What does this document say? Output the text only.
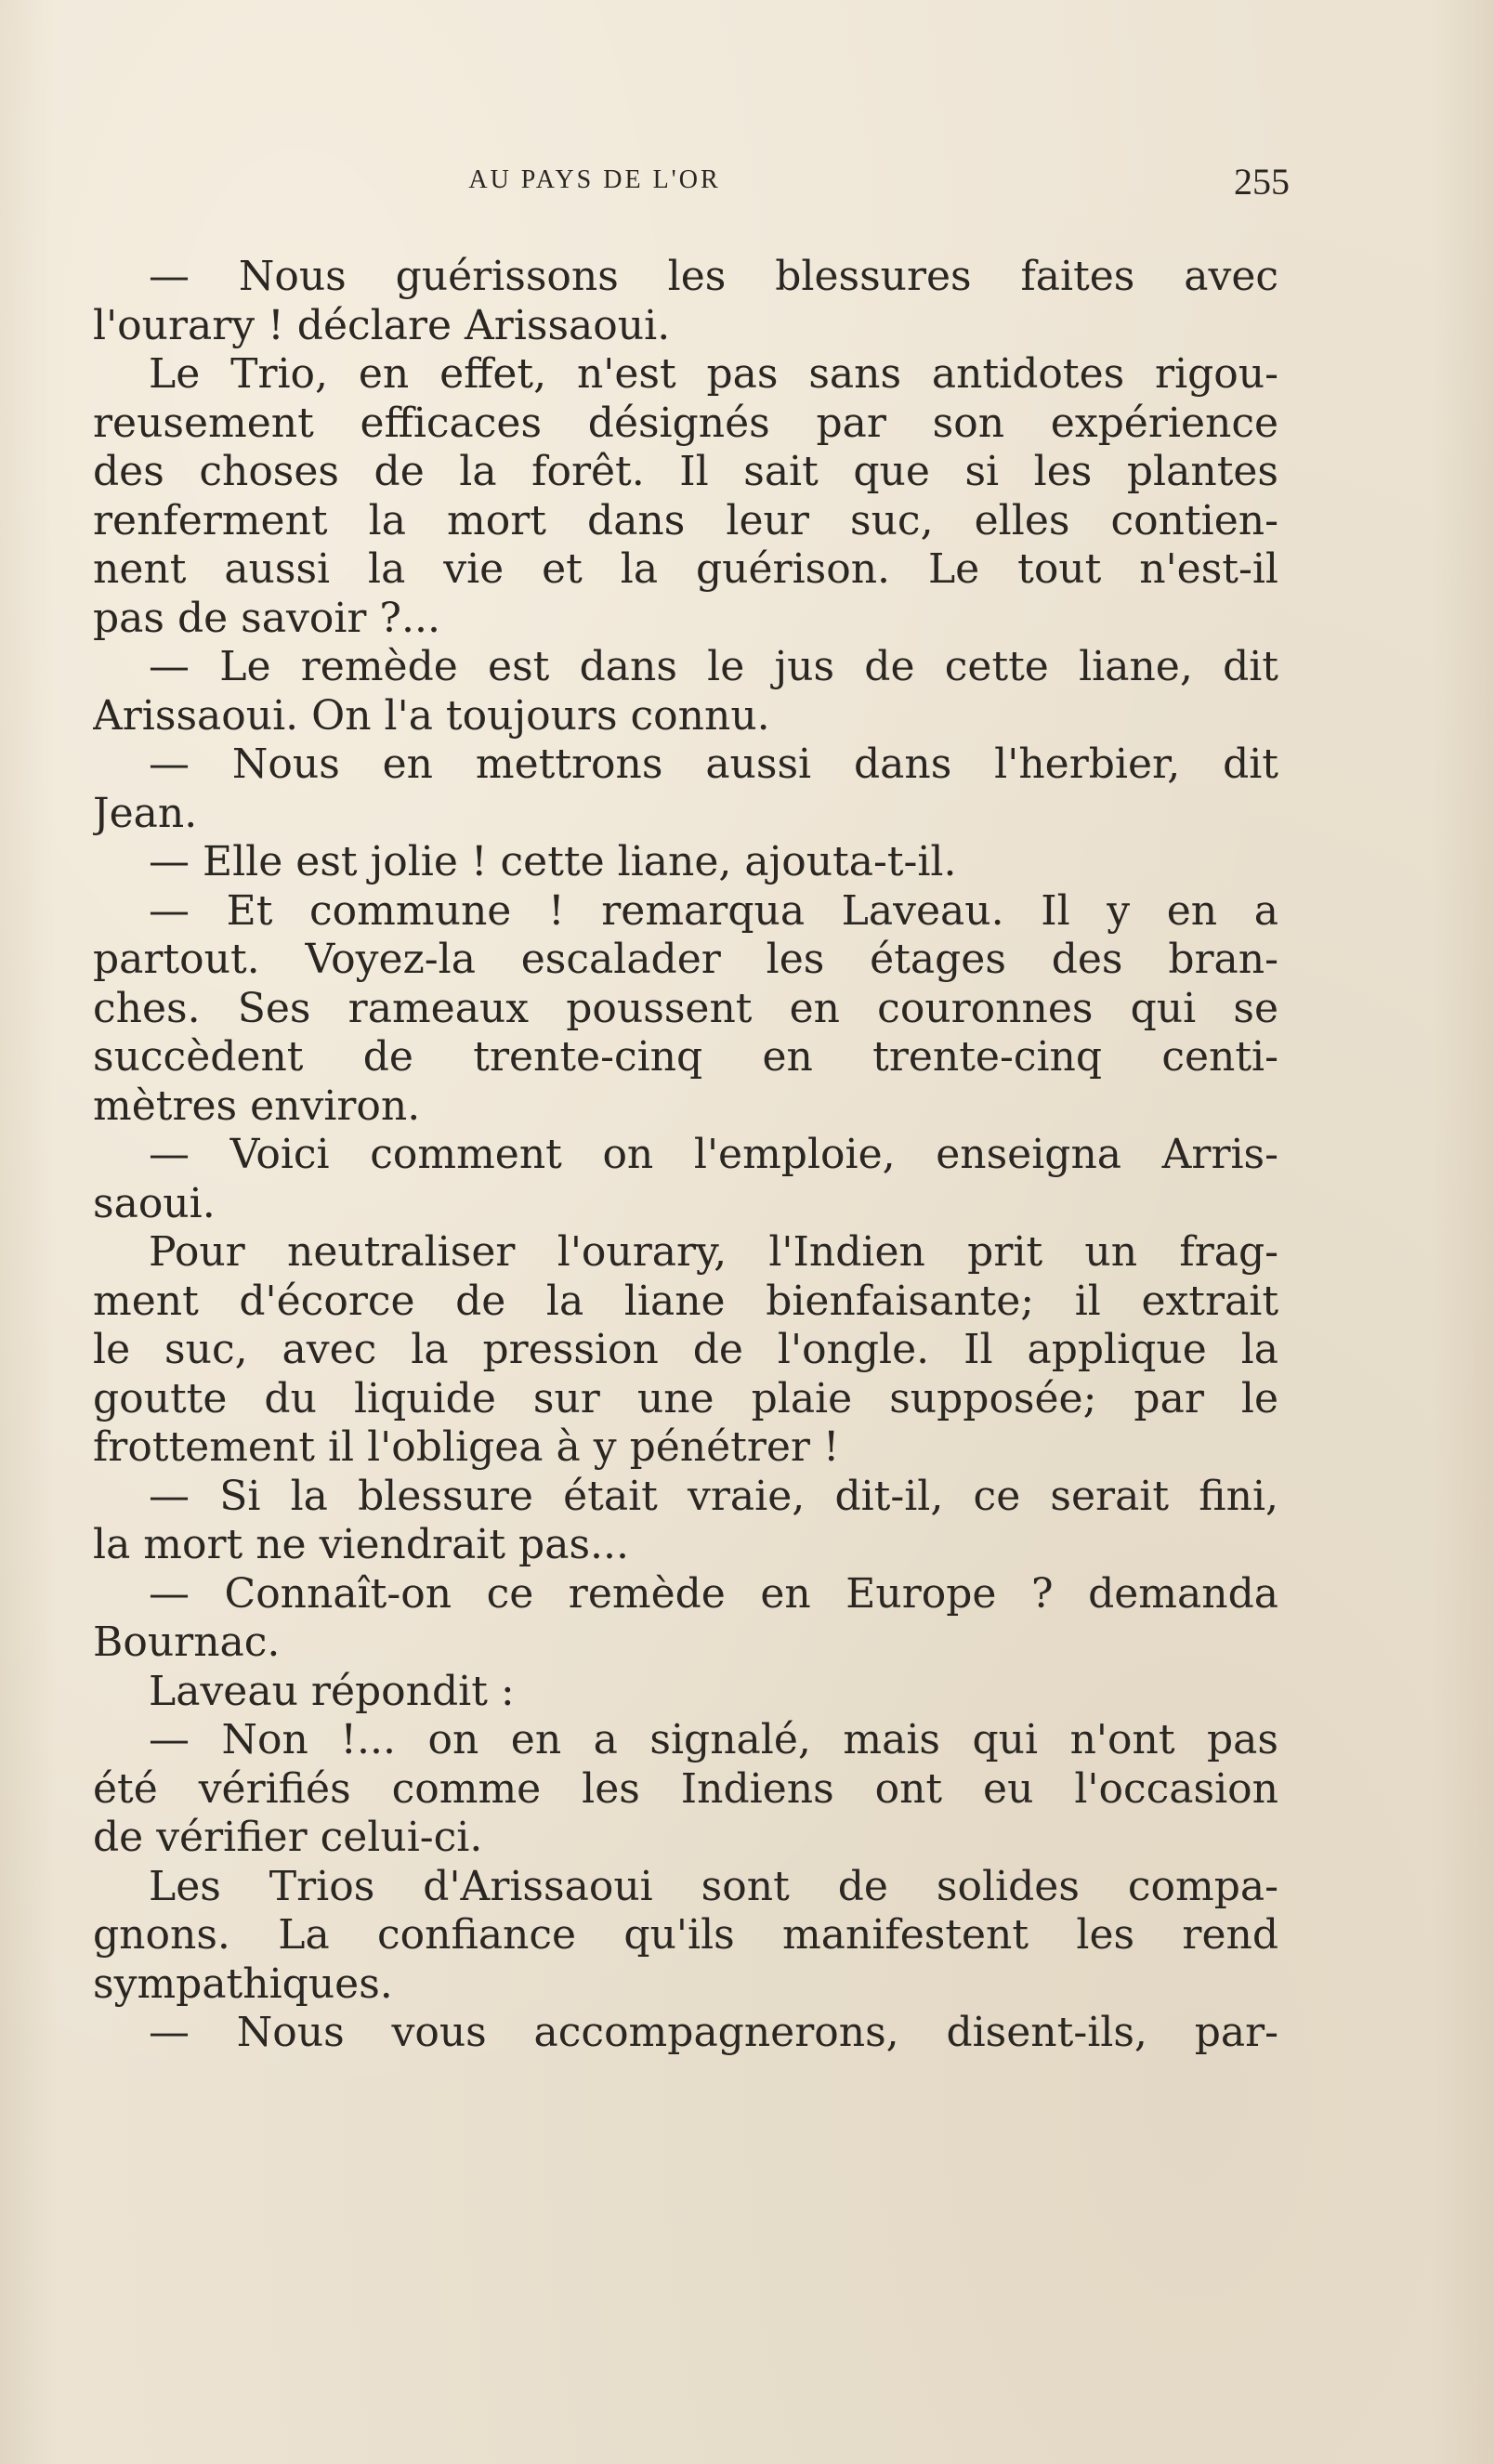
AU PAYS DE L'OR	255
— Nous guérissons les blessures faites avec
l'ourary ! déclare Arissaoui.
Le Trio, en effet, n'est pas sans antidotes rigou-
reusement efficaces désignés par son expérience
des choses de la forêt. Il sait que si les plantes
renferment la mort dans leur suc, elles contien-
nent aussi la vie et la guérison. Le tout n'est-il
pas de savoir ?...
— Le remède est dans le jus de cette liane, dit
Arissaoui. On l'a toujours connu.
— Nous en mettrons aussi dans l'herbier, dit
Jean.
— Elle est jolie ! cette liane, ajouta-t-il.
— Et commune ! remarqua Laveau. Il y en a
partout. Voyez-la escalader les étages des bran-
ches. Ses rameaux poussent en couronnes qui se
succèdent de trente-cinq en trente-cinq centi-
mètres environ.
— Voici comment on l'emploie, enseigna Arris-
saoui.
Pour neutraliser l'ourary, l'Indien prit un frag-
ment d'écorce de la liane bienfaisante; il extrait
le suc, avec la pression de l'ongle. Il applique la
goutte du liquide sur une plaie supposée; par le
frottement il l'obligea à y pénétrer !
— Si la blessure était vraie, dit-il, ce serait fini,
la mort ne viendrait pas...
— Connaît-on ce remède en Europe ? demanda
Bournac.
Laveau répondit :
— Non !... on en a signalé, mais qui n'ont pas
été vérifiés comme les Indiens ont eu l'occasion
de vérifier celui-ci.
Les Trios d'Arissaoui sont de solides compa-
gnons. La confiance qu'ils manifestent les rend
sympathiques.
— Nous vous accompagnerons, disent-ils, par-
